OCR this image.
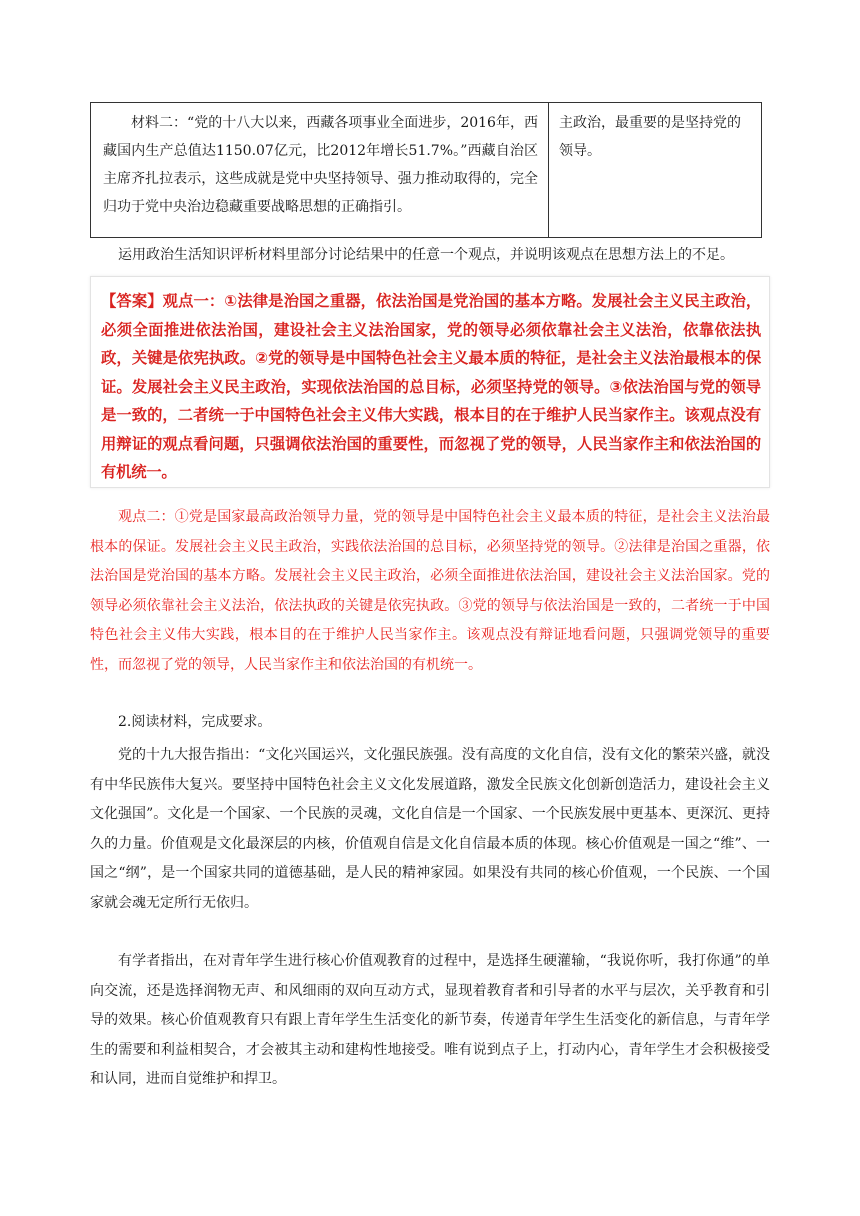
材料二：“党的十八大以来，西藏各项事业全面进步，2016年，西藏国内生产总值达1150.07亿元，比2012年增长51.7%。”西藏自治区主席齐扎拉表示，这些成就是党中央坚持领导、强力推动取得的，完全归功于党中央治边稳藏重要战略思想的正确指引。

主政治，最重要的是坚持党的领导。

运用政治生活知识评析材料里部分讨论结果中的任意一个观点，并说明该观点在思想方法上的不足。

【答案】观点一：①法律是治国之重器，依法治国是党治国的基本方略。发展社会主义民主政治，必须全面推进依法治国，建设社会主义法治国家，党的领导必须依靠社会主义法治，依靠依法执政，关键是依宪执政。②党的领导是中国特色社会主义最本质的特征，是社会主义法治最根本的保证。发展社会主义民主政治，实现依法治国的总目标，必须坚持党的领导。③依法治国与党的领导是一致的，二者统一于中国特色社会主义伟大实践，根本目的在于维护人民当家作主。该观点没有用辩证的观点看问题，只强调依法治国的重要性，而忽视了党的领导，人民当家作主和依法治国的有机统一。

观点二：①党是国家最高政治领导力量，党的领导是中国特色社会主义最本质的特征，是社会主义法治最根本的保证。发展社会主义民主政治，实践依法治国的总目标，必须坚持党的领导。②法律是治国之重器，依法治国是党治国的基本方略。发展社会主义民主政治，必须全面推进依法治国，建设社会主义法治国家。党的领导必须依靠社会主义法治，依法执政的关键是依宪执政。③党的领导与依法治国是一致的，二者统一于中国特色社会主义伟大实践，根本目的在于维护人民当家作主。该观点没有辩证地看问题，只强调党领导的重要性，而忽视了党的领导，人民当家作主和依法治国的有机统一。

2.阅读材料，完成要求。

党的十九大报告指出：“文化兴国运兴，文化强民族强。没有高度的文化自信，没有文化的繁荣兴盛，就没有中华民族伟大复兴。要坚持中国特色社会主义文化发展道路，激发全民族文化创新创造活力，建设社会主义文化强国”。文化是一个国家、一个民族的灵魂，文化自信是一个国家、一个民族发展中更基本、更深沉、更持久的力量。价值观是文化最深层的内核，价值观自信是文化自信最本质的体现。核心价值观是一国之“维”、一国之“纲”，是一个国家共同的道德基础，是人民的精神家园。如果没有共同的核心价值观，一个民族、一个国家就会魂无定所行无依归。

有学者指出，在对青年学生进行核心价值观教育的过程中，是选择生硬灌输，“我说你听，我打你通”的单向交流，还是选择润物无声、和风细雨的双向互动方式，显现着教育者和引导者的水平与层次，关乎教育和引导的效果。核心价值观教育只有跟上青年学生生活变化的新节奏，传递青年学生生活变化的新信息，与青年学生的需要和利益相契合，才会被其主动和建构性地接受。唯有说到点子上，打动内心，青年学生才会积极接受和认同，进而自觉维护和捍卫。
